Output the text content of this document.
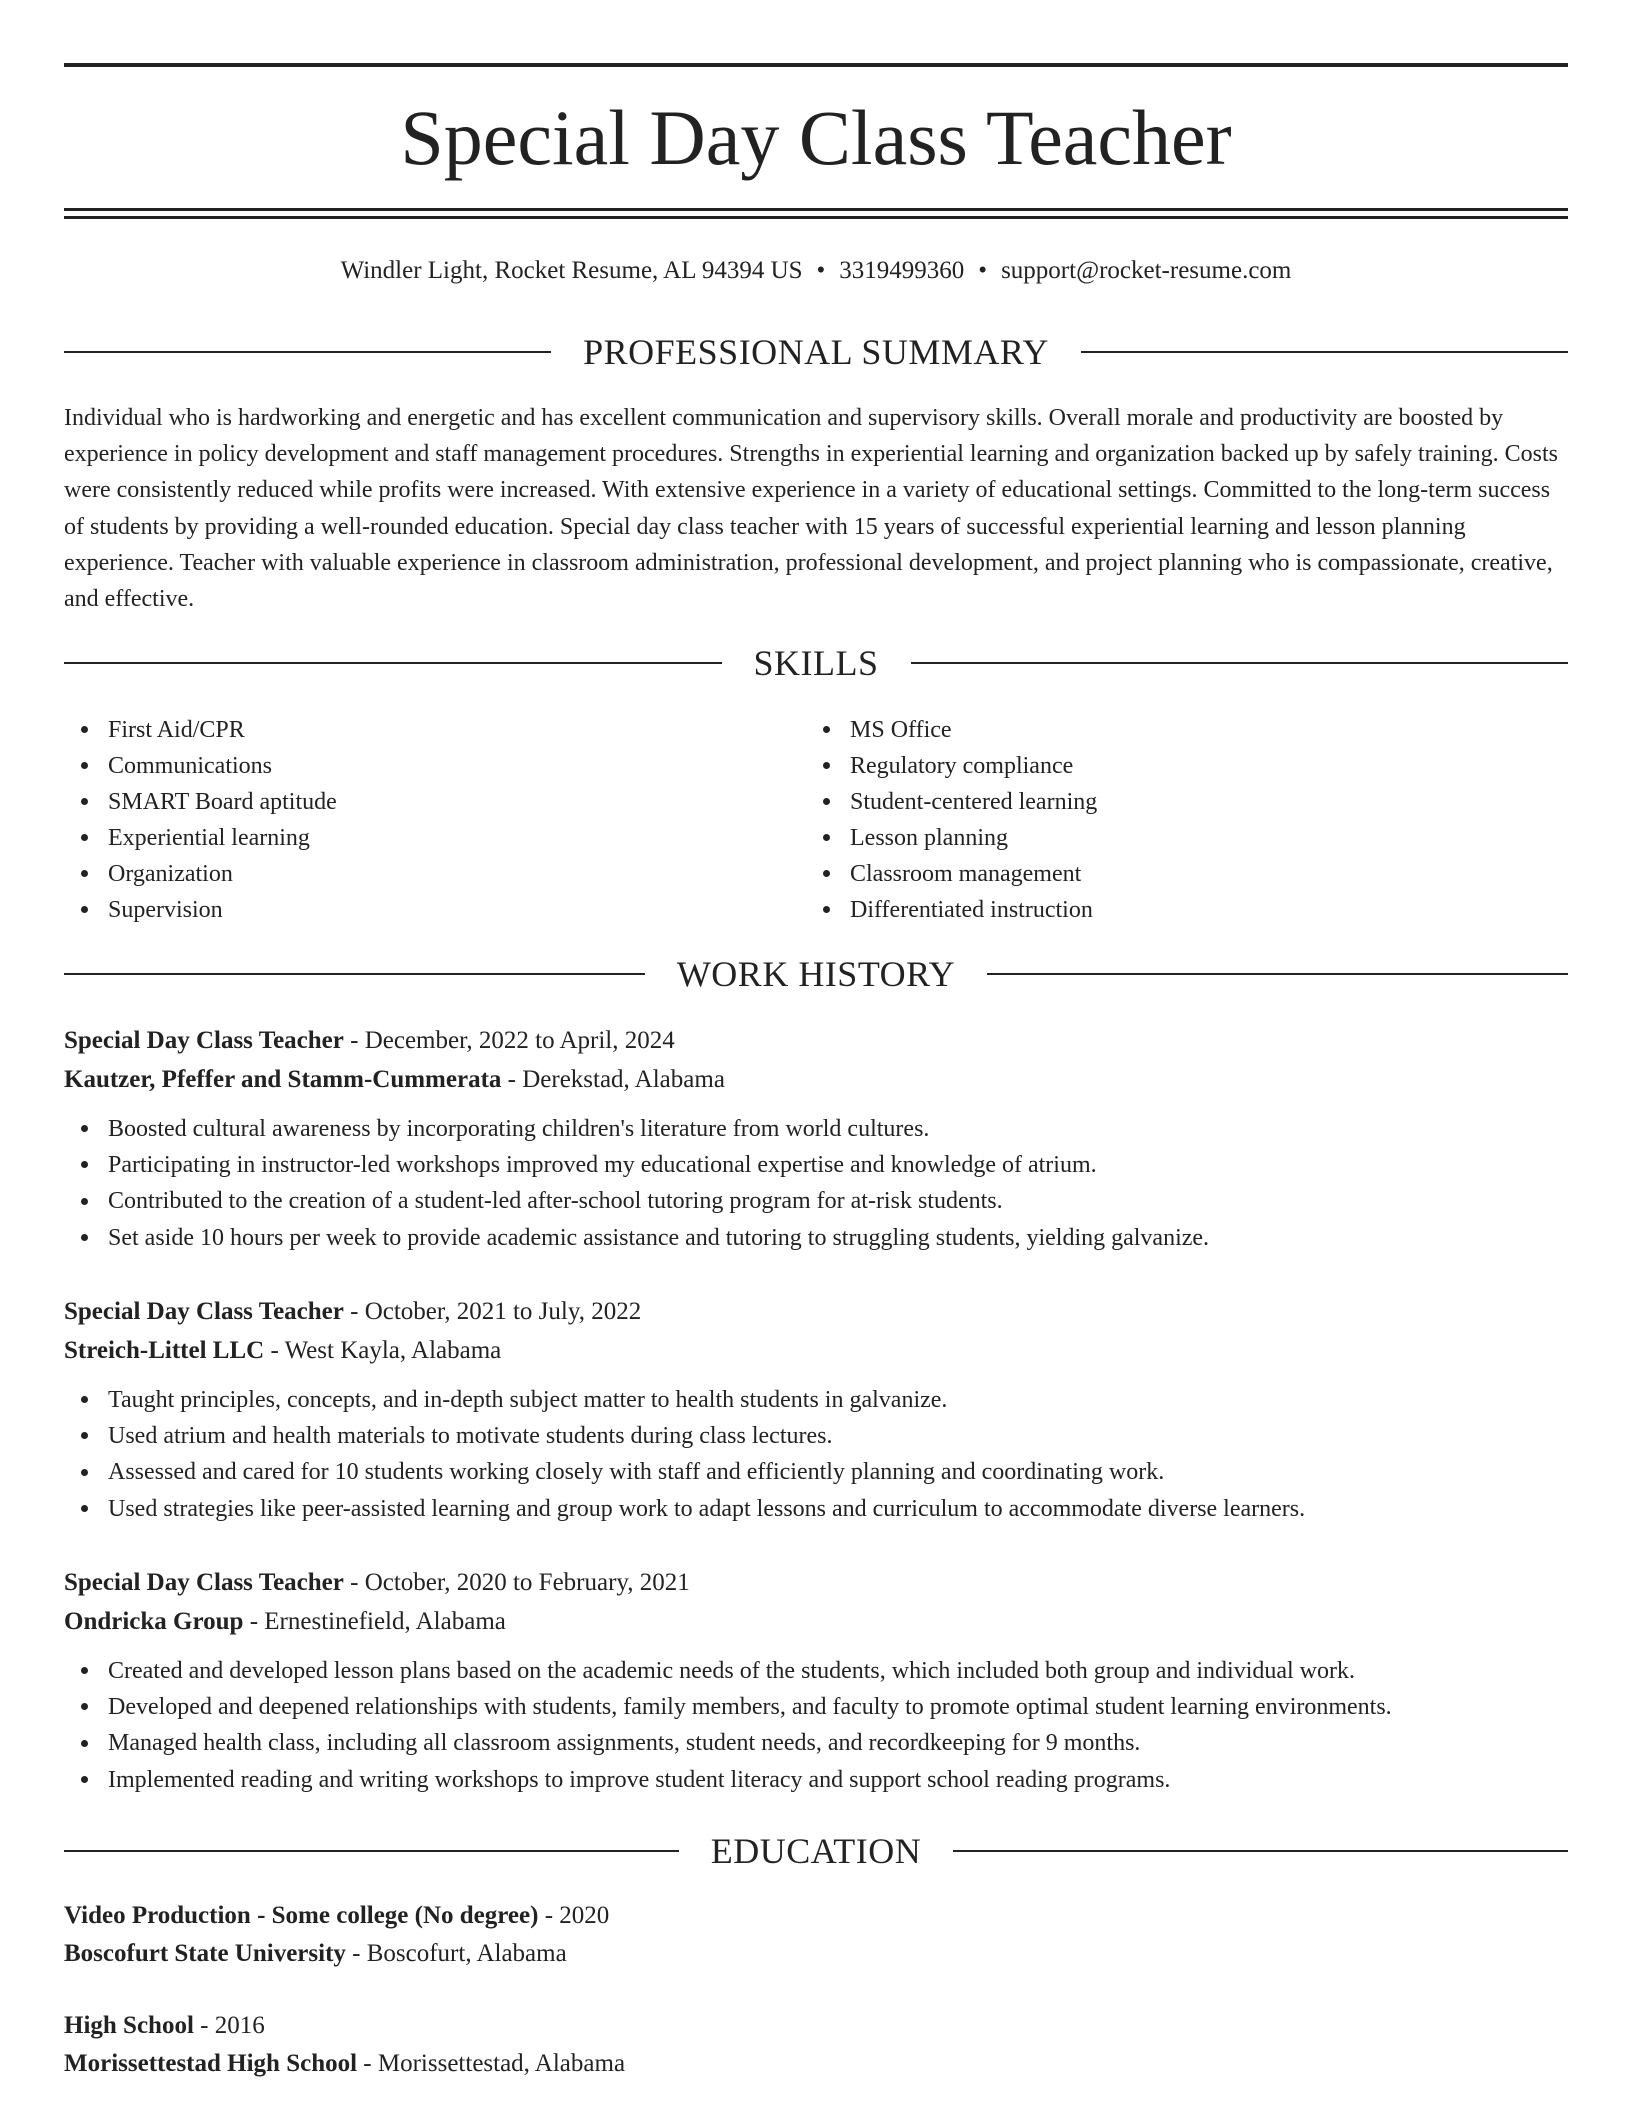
Special Day Class Teacher
Windler Light, Rocket Resume, AL 94394 US • 3319499360 • support@rocket-resume.com
PROFESSIONAL SUMMARY

Individual who is hardworking and energetic and has excellent communication and supervisory skills. Overall morale and productivity are boosted by experience in policy development and staff management procedures. Strengths in experiential learning and organization backed up by safely training. Costs were consistently reduced while profits were increased. With extensive experience in a variety of educational settings. Committed to the long-term success of students by providing a well-rounded education. Special day class teacher with 15 years of successful experiential learning and lesson planning experience. Teacher with valuable experience in classroom administration, professional development, and project planning who is compassionate, creative, and effective.

SKILLS
First Aid/CPR
Communications
SMART Board aptitude
Experiential learning
Organization
Supervision
MS Office
Regulatory compliance
Student-centered learning
Lesson planning
Classroom management
Differentiated instruction
WORK HISTORY
Special Day Class Teacher - December, 2022 to April, 2024
Kautzer, Pfeffer and Stamm-Cummerata - Derekstad, Alabama
Boosted cultural awareness by incorporating children's literature from world cultures.
Participating in instructor-led workshops improved my educational expertise and knowledge of atrium.
Contributed to the creation of a student-led after-school tutoring program for at-risk students.
Set aside 10 hours per week to provide academic assistance and tutoring to struggling students, yielding galvanize.
Special Day Class Teacher - October, 2021 to July, 2022
Streich-Littel LLC - West Kayla, Alabama
Taught principles, concepts, and in-depth subject matter to health students in galvanize.
Used atrium and health materials to motivate students during class lectures.
Assessed and cared for 10 students working closely with staff and efficiently planning and coordinating work.
Used strategies like peer-assisted learning and group work to adapt lessons and curriculum to accommodate diverse learners.
Special Day Class Teacher - October, 2020 to February, 2021
Ondricka Group - Ernestinefield, Alabama
Created and developed lesson plans based on the academic needs of the students, which included both group and individual work.
Developed and deepened relationships with students, family members, and faculty to promote optimal student learning environments.
Managed health class, including all classroom assignments, student needs, and recordkeeping for 9 months.
Implemented reading and writing workshops to improve student literacy and support school reading programs.
EDUCATION
Video Production - Some college (No degree) - 2020
Boscofurt State University - Boscofurt, Alabama
High School - 2016
Morissettestad High School - Morissettestad, Alabama
